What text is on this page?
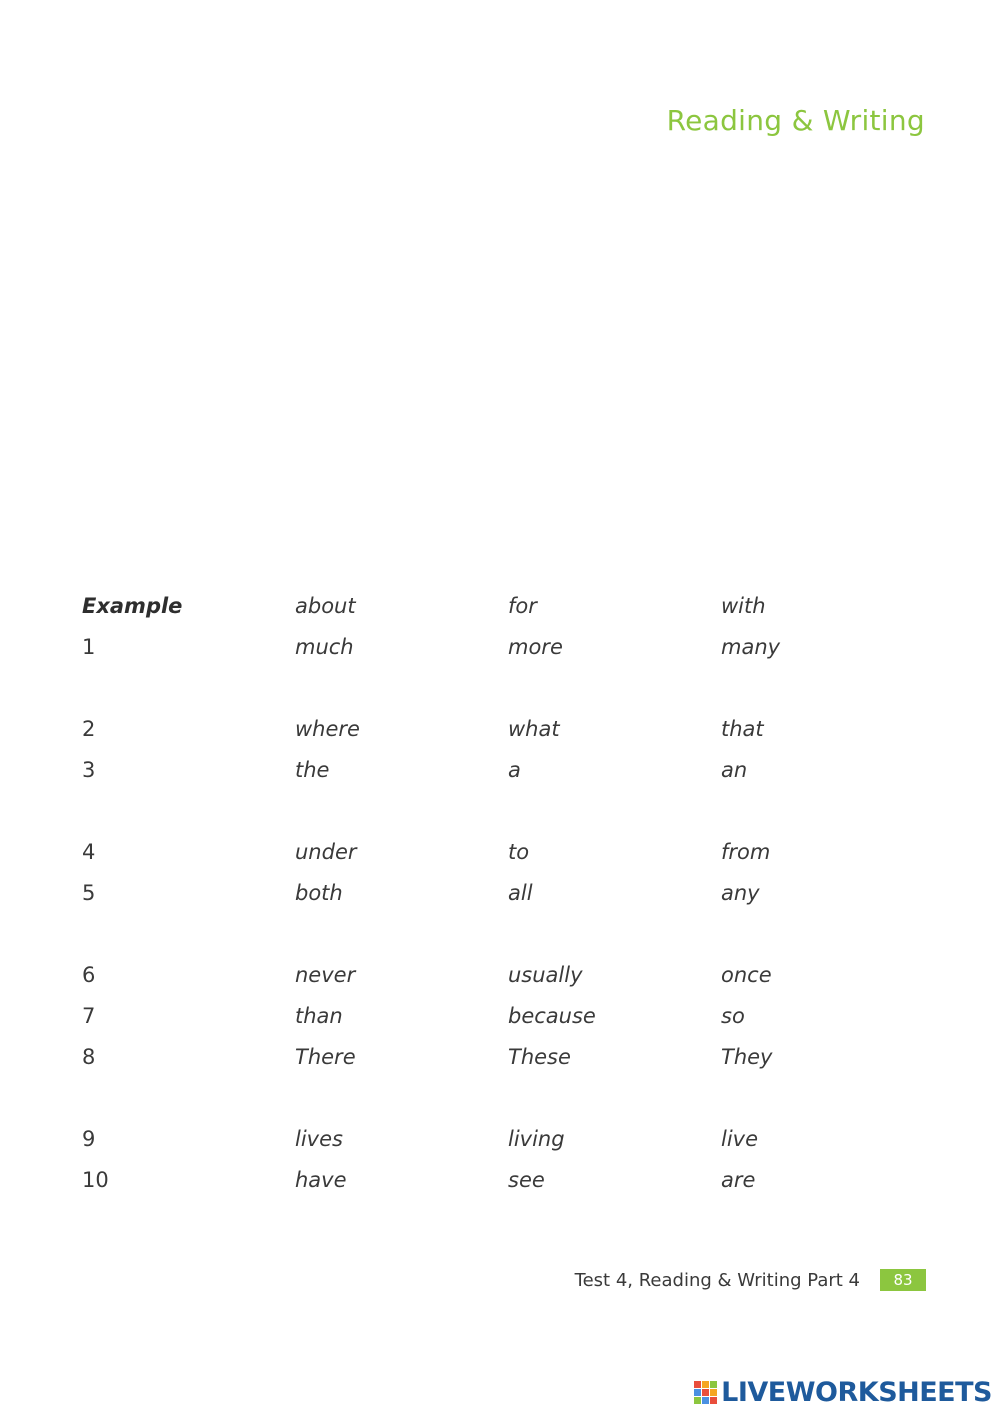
Reading & Writing
Example	about	for	with
1	much	more	many
2	where	what	that
3	the	a	an
4	under	to	from
5	both	all	any
6	never	usually	once
7	than	because	so
8	There	These	They
9	lives	living	live
10	have	see	are
Test 4, Reading & Writing Part 4	83
LIVEWORKSHEETS
